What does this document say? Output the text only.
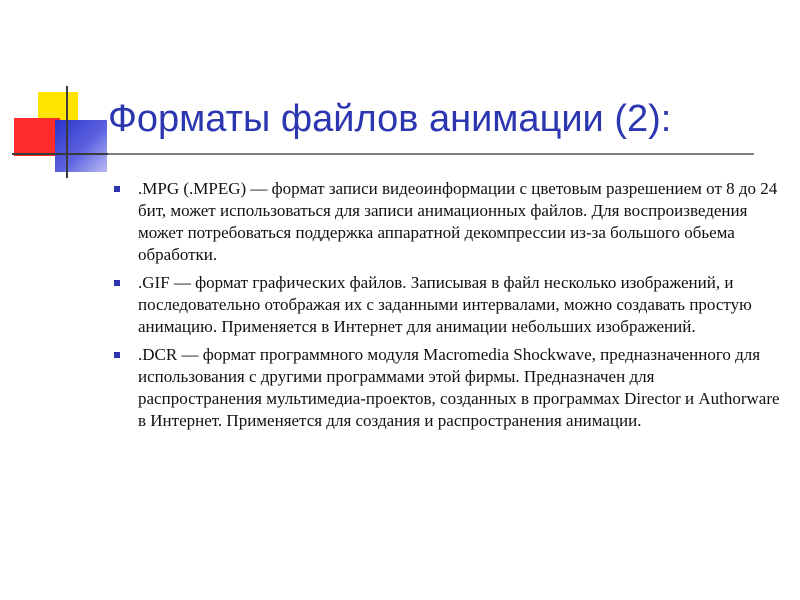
Форматы файлов анимации (2):
.MPG (.MPEG) — формат записи видеоинформации с цветовым разрешением от 8 до 24 бит, может использоваться для записи анимационных файлов. Для воспроизведения может потребоваться поддержка аппаратной декомпрессии из-за большого обьема обработки.
.GIF — формат графических файлов. Записывая в файл несколько изображений, и последовательно отображая их с заданными интервалами, можно создавать простую анимацию. Применяется в Интернет для анимации небольших изображений.
.DCR — формат программного модуля Macromedia Shockwave, предназначенного для использования с другими программами этой фирмы. Предназначен для распространения мультимедиа-проектов, созданных в программах Director и Authorware в Интернет. Применяется для создания и распространения анимации.
